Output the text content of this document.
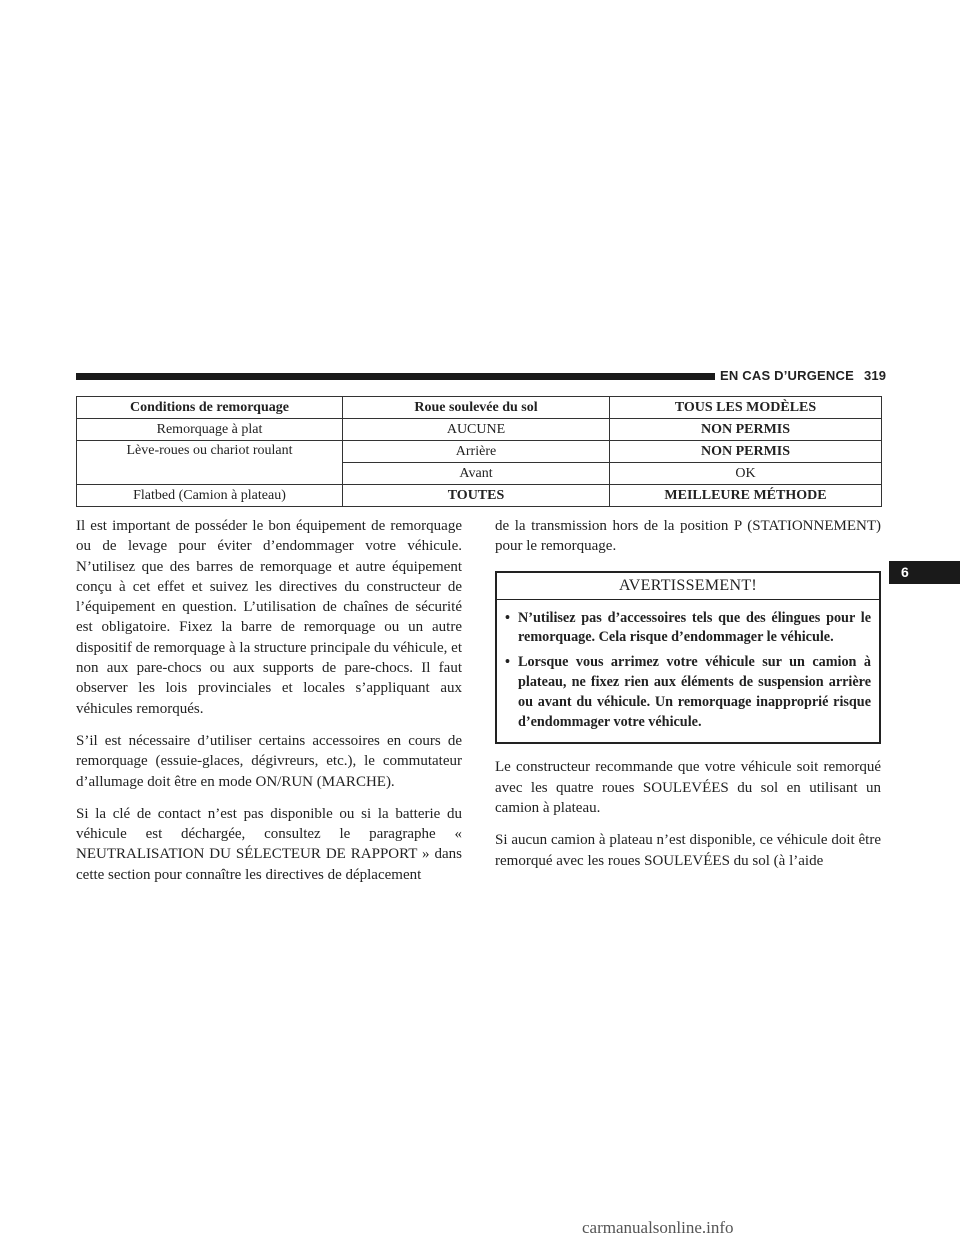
EN CAS D’URGENCE 319
6
Conditions de remorquage	Roue soulevée du sol	TOUS LES MODÈLES
Remorquage à plat	AUCUNE	NON PERMIS
Lève-roues ou chariot roulant	Arrière	NON PERMIS
	Avant	OK
Flatbed (Camion à plateau)	TOUTES	MEILLEURE MÉTHODE

Il est important de posséder le bon équipement de remorquage ou de levage pour éviter d’endommager votre véhicule. N’utilisez que des barres de remorquage et autre équipement conçu à cet effet et suivez les directives du constructeur de l’équipement en question. L’utilisation de chaînes de sécurité est obligatoire. Fixez la barre de remorquage ou un autre dispositif de remorquage à la structure principale du véhicule, et non aux pare-chocs ou aux supports de pare-chocs. Il faut observer les lois provinciales et locales s’appliquant aux véhicules remorqués.

S’il est nécessaire d’utiliser certains accessoires en cours de remorquage (essuie-glaces, dégivreurs, etc.), le commutateur d’allumage doit être en mode ON/RUN (MARCHE).

Si la clé de contact n’est pas disponible ou si la batterie du véhicule est déchargée, consultez le paragraphe « NEUTRALISATION DU SÉLECTEUR DE RAPPORT » dans cette section pour connaître les directives de déplacement

de la transmission hors de la position P (STATIONNEMENT) pour le remorquage.

AVERTISSEMENT!
• N’utilisez pas d’accessoires tels que des élingues pour le remorquage. Cela risque d’endommager le véhicule.
• Lorsque vous arrimez votre véhicule sur un camion à plateau, ne fixez rien aux éléments de suspension arrière ou avant du véhicule. Un remorquage inapproprié risque d’endommager votre véhicule.

Le constructeur recommande que votre véhicule soit remorqué avec les quatre roues SOULEVÉES du sol en utilisant un camion à plateau.

Si aucun camion à plateau n’est disponible, ce véhicule doit être remorqué avec les roues SOULEVÉES du sol (à l’aide

carmanualsonline.info
